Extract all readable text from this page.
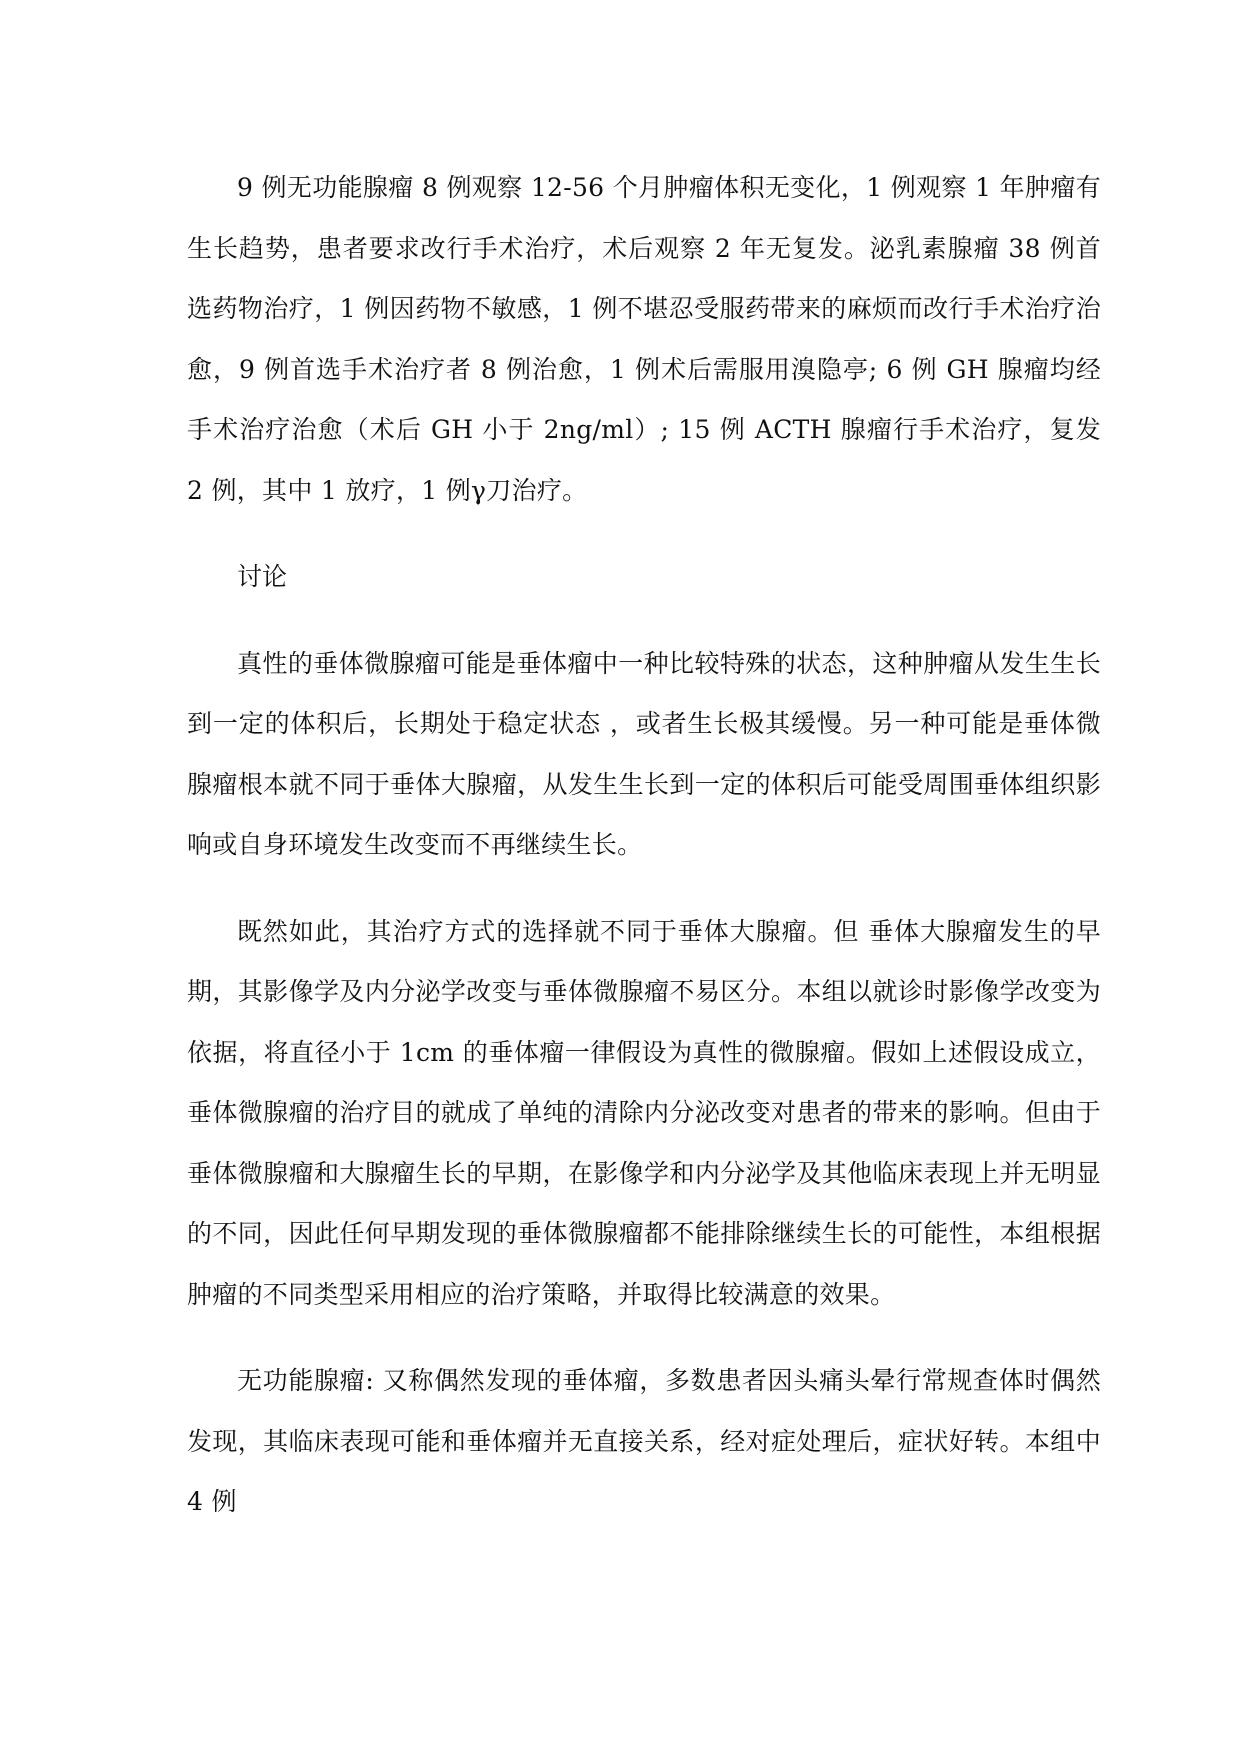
9 例无功能腺瘤 8 例观察 12-56 个月肿瘤体积无变化，1 例观察 1 年肿瘤有生长趋势，患者要求改行手术治疗，术后观察 2 年无复发。泌乳素腺瘤 38 例首选药物治疗，1 例因药物不敏感，1 例不堪忍受服药带来的麻烦而改行手术治疗治愈，9 例首选手术治疗者 8 例治愈，1 例术后需服用溴隐亭; 6 例 GH 腺瘤均经手术治疗治愈（术后 GH 小于 2ng/ml）; 15 例 ACTH 腺瘤行手术治疗，复发 2 例，其中 1 放疗，1 例γ刀治疗。

讨论

真性的垂体微腺瘤可能是垂体瘤中一种比较特殊的状态，这种肿瘤从发生生长到一定的体积后，长期处于稳定状态 ，或者生长极其缓慢。另一种可能是垂体微腺瘤根本就不同于垂体大腺瘤，从发生生长到一定的体积后可能受周围垂体组织影响或自身环境发生改变而不再继续生长。

既然如此，其治疗方式的选择就不同于垂体大腺瘤。但 垂体大腺瘤发生的早期，其影像学及内分泌学改变与垂体微腺瘤不易区分。本组以就诊时影像学改变为依据，将直径小于 1cm 的垂体瘤一律假设为真性的微腺瘤。假如上述假设成立，垂体微腺瘤的治疗目的就成了单纯的清除内分泌改变对患者的带来的影响。但由于垂体微腺瘤和大腺瘤生长的早期，在影像学和内分泌学及其他临床表现上并无明显的不同，因此任何早期发现的垂体微腺瘤都不能排除继续生长的可能性，本组根据肿瘤的不同类型采用相应的治疗策略，并取得比较满意的效果。

无功能腺瘤: 又称偶然发现的垂体瘤，多数患者因头痛头晕行常规查体时偶然发现，其临床表现可能和垂体瘤并无直接关系，经对症处理后，症状好转。本组中 4 例
